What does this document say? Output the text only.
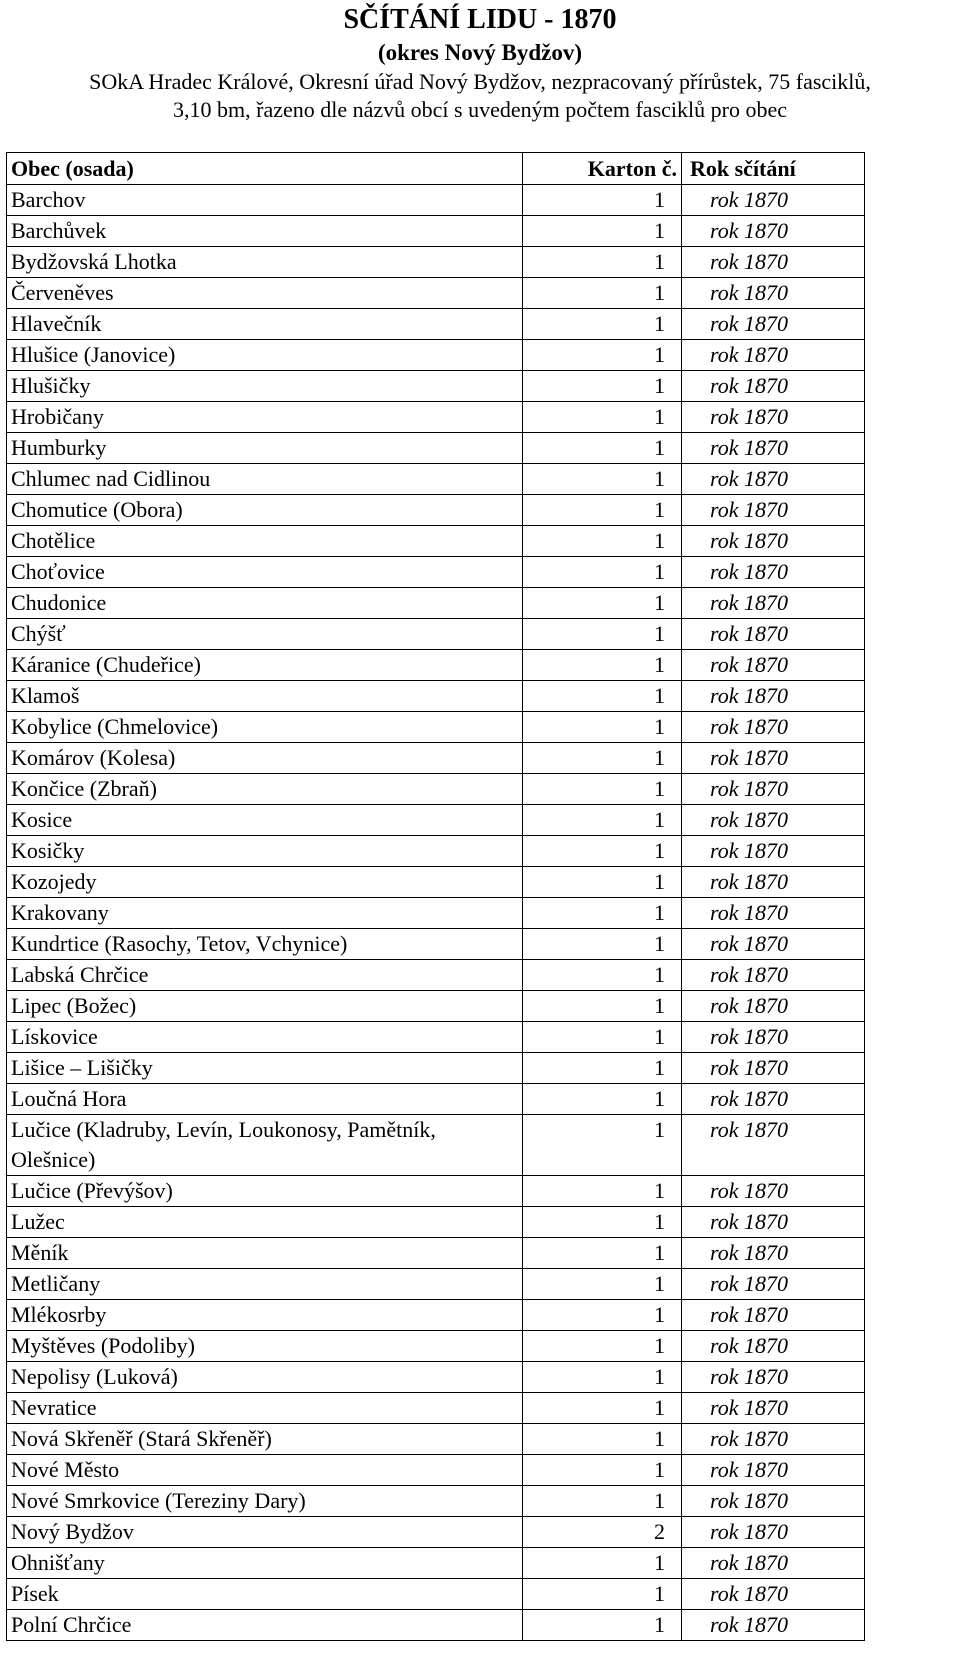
SČÍTÁNÍ LIDU - 1870
(okres Nový Bydžov)
SOkA Hradec Králové, Okresní úřad Nový Bydžov, nezpracovaný přírůstek, 75 fasciklů,
3,10 bm, řazeno dle názvů obcí s uvedeným počtem fasciklů pro obec
Obec (osada)	Karton č.	Rok sčítání
Barchov	1	rok 1870
Barchůvek	1	rok 1870
Bydžovská Lhotka	1	rok 1870
Červeněves	1	rok 1870
Hlavečník	1	rok 1870
Hlušice (Janovice)	1	rok 1870
Hlušičky	1	rok 1870
Hrobičany	1	rok 1870
Humburky	1	rok 1870
Chlumec nad Cidlinou	1	rok 1870
Chomutice (Obora)	1	rok 1870
Chotělice	1	rok 1870
Choťovice	1	rok 1870
Chudonice	1	rok 1870
Chýšť	1	rok 1870
Káranice (Chudeřice)	1	rok 1870
Klamoš	1	rok 1870
Kobylice (Chmelovice)	1	rok 1870
Komárov (Kolesa)	1	rok 1870
Končice (Zbraň)	1	rok 1870
Kosice	1	rok 1870
Kosičky	1	rok 1870
Kozojedy	1	rok 1870
Krakovany	1	rok 1870
Kundrtice (Rasochy, Tetov, Vchynice)	1	rok 1870
Labská Chrčice	1	rok 1870
Lipec (Božec)	1	rok 1870
Lískovice	1	rok 1870
Lišice – Lišičky	1	rok 1870
Loučná Hora	1	rok 1870
Lučice (Kladruby, Levín, Loukonosy, Pamětník, Olešnice)	1	rok 1870
Lučice (Převýšov)	1	rok 1870
Lužec	1	rok 1870
Měník	1	rok 1870
Metličany	1	rok 1870
Mlékosrby	1	rok 1870
Myštěves (Podoliby)	1	rok 1870
Nepolisy (Luková)	1	rok 1870
Nevratice	1	rok 1870
Nová Skřeněř (Stará Skřeněř)	1	rok 1870
Nové Město	1	rok 1870
Nové Smrkovice (Tereziny Dary)	1	rok 1870
Nový Bydžov	2	rok 1870
Ohnišťany	1	rok 1870
Písek	1	rok 1870
Polní Chrčice	1	rok 1870
